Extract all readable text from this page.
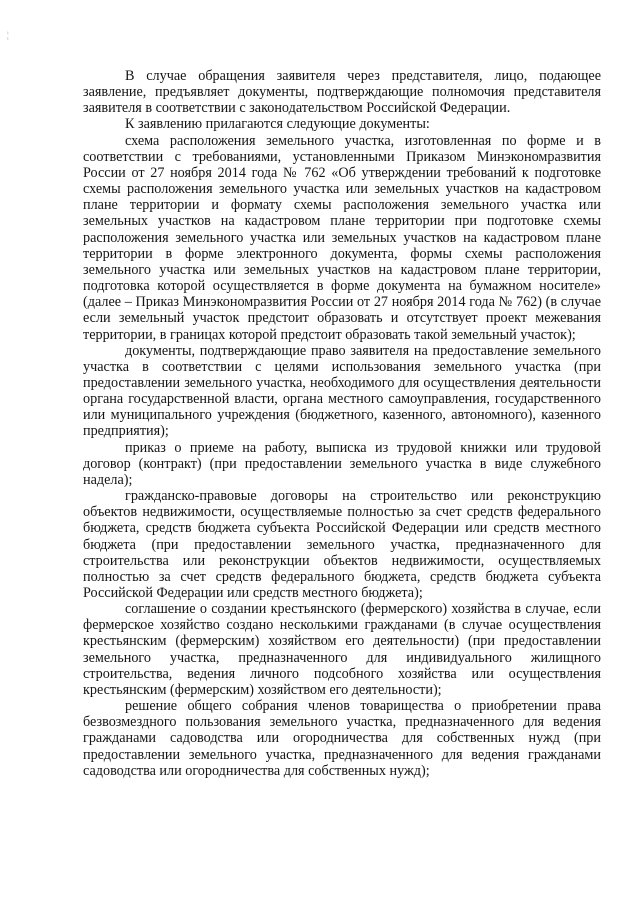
¦

В случае обращения заявителя через представителя, лицо, подающее заявление, предъявляет документы, подтверждающие полномочия представителя заявителя в соответствии с законодательством Российской Федерации.

К заявлению прилагаются следующие документы:

схема расположения земельного участка, изготовленная по форме и в соответствии с требованиями, установленными Приказом Минэкономразвития России от 27 ноября 2014 года № 762 «Об утверждении требований к подготовке схемы расположения земельного участка или земельных участков на кадастровом плане территории и формату схемы расположения земельного участка или земельных участков на кадастровом плане территории при подготовке схемы расположения земельного участка или земельных участков на кадастровом плане территории в форме электронного документа, формы схемы расположения земельного участка или земельных участков на кадастровом плане территории, подготовка которой осуществляется в форме документа на бумажном носителе» (далее – Приказ Минэкономразвития России от 27 ноября 2014 года № 762) (в случае если земельный участок предстоит образовать и отсутствует проект межевания территории, в границах которой предстоит образовать такой земельный участок);

документы, подтверждающие право заявителя на предоставление земельного участка в соответствии с целями использования земельного участка (при предоставлении земельного участка, необходимого для осуществления деятельности органа государственной власти, органа местного самоуправления, государственного или муниципального учреждения (бюджетного, казенного, автономного), казенного предприятия);

приказ о приеме на работу, выписка из трудовой книжки или трудовой договор (контракт) (при предоставлении земельного участка в виде служебного надела);

гражданско-правовые договоры на строительство или реконструкцию объектов недвижимости, осуществляемые полностью за счет средств федерального бюджета, средств бюджета субъекта Российской Федерации или средств местного бюджета (при предоставлении земельного участка, предназначенного для строительства или реконструкции объектов недвижимости, осуществляемых полностью за счет средств федерального бюджета, средств бюджета субъекта Российской Федерации или средств местного бюджета);

соглашение о создании крестьянского (фермерского) хозяйства в случае, если фермерское хозяйство создано несколькими гражданами (в случае осуществления крестьянским (фермерским) хозяйством его деятельности) (при предоставлении земельного участка, предназначенного для индивидуального жилищного строительства, ведения личного подсобного хозяйства или осуществления крестьянским (фермерским) хозяйством его деятельности);

решение общего собрания членов товарищества о приобретении права безвозмездного пользования земельного участка, предназначенного для ведения гражданами садоводства или огородничества для собственных нужд (при предоставлении земельного участка, предназначенного для ведения гражданами садоводства или огородничества для собственных нужд);
